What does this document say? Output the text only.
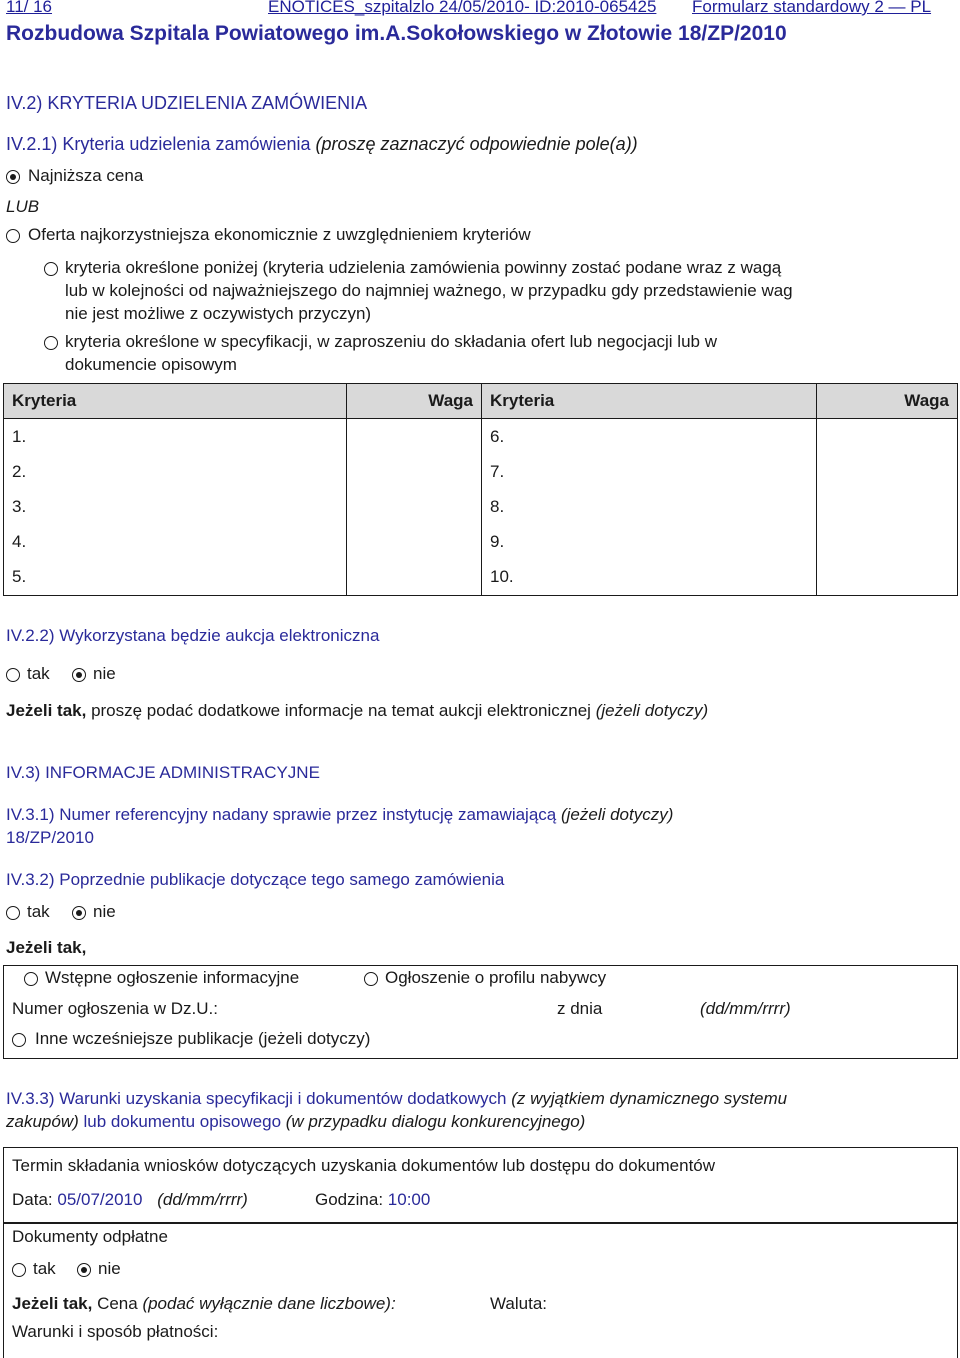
11/ 16	ENOTICES_szpitalzlo 24/05/2010- ID:2010-065425 Formularz standardowy 2 — PL
Rozbudowa Szpitala Powiatowego im.A.Sokołowskiego w Złotowie 18/ZP/2010
IV.2) KRYTERIA UDZIELENIA ZAMÓWIENIA
IV.2.1) Kryteria udzielenia zamówienia (proszę zaznaczyć odpowiednie pole(a))
Najniższa cena
LUB
Oferta najkorzystniejsza ekonomicznie z uwzględnieniem kryteriów
kryteria określone poniżej (kryteria udzielenia zamówienia powinny zostać podane wraz z wagą
lub w kolejności od najważniejszego do najmniej ważnego, w przypadku gdy przedstawienie wag
nie jest możliwe z oczywistych przyczyn)
kryteria określone w specyfikacji, w zaproszeniu do składania ofert lub negocjacji lub w
dokumencie opisowym
Kryteria	Waga	Kryteria	Waga
1.		6.	
2.		7.	
3.		8.	
4.		9.	
5.		10.	
IV.2.2) Wykorzystana będzie aukcja elektroniczna
tak	nie
Jeżeli tak, proszę podać dodatkowe informacje na temat aukcji elektronicznej (jeżeli dotyczy)
IV.3) INFORMACJE ADMINISTRACYJNE
IV.3.1) Numer referencyjny nadany sprawie przez instytucję zamawiającą (jeżeli dotyczy)
18/ZP/2010
IV.3.2) Poprzednie publikacje dotyczące tego samego zamówienia
tak	nie
Jeżeli tak,
Wstępne ogłoszenie informacyjne	Ogłoszenie o profilu nabywcy
Numer ogłoszenia w Dz.U.:	z dnia	(dd/mm/rrrr)
Inne wcześniejsze publikacje (jeżeli dotyczy)
IV.3.3) Warunki uzyskania specyfikacji i dokumentów dodatkowych (z wyjątkiem dynamicznego systemu
zakupów) lub dokumentu opisowego (w przypadku dialogu konkurencyjnego)
Termin składania wniosków dotyczących uzyskania dokumentów lub dostępu do dokumentów
Data: 05/07/2010 (dd/mm/rrrr)	Godzina: 10:00
Dokumenty odpłatne
tak nie
Jeżeli tak, Cena (podać wyłącznie dane liczbowe):	Waluta:
Warunki i sposób płatności:
